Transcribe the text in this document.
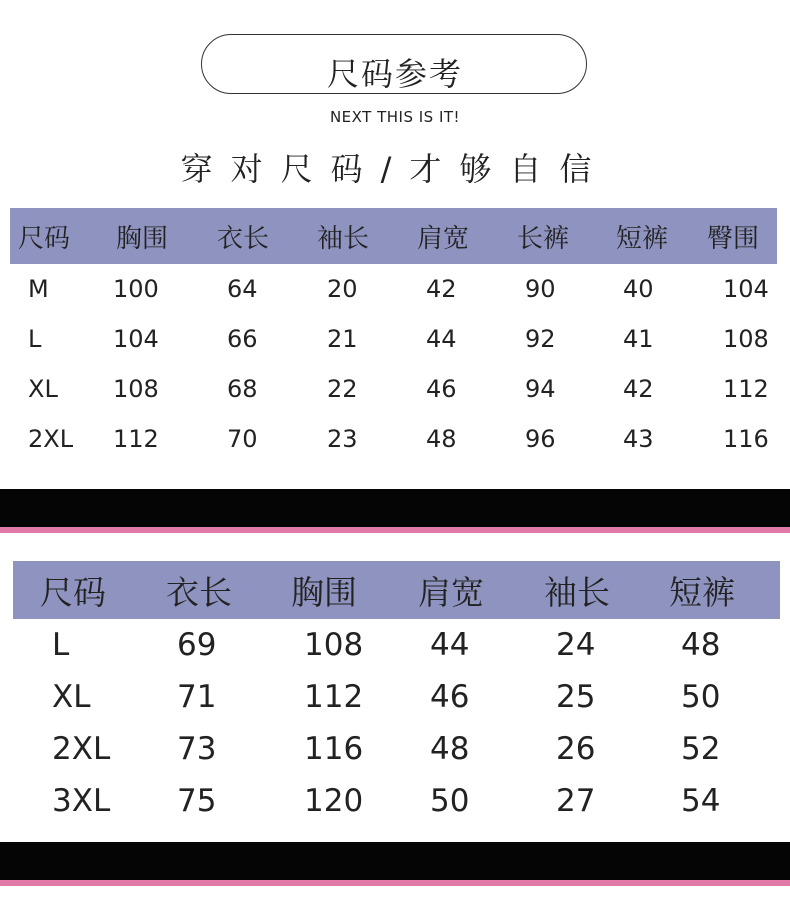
尺码参考
NEXT THIS IS IT!
穿对尺码/才够自信
尺码	胸围	衣长	袖长	肩宽	长裤	短裤	臀围
M	100	64	20	42	90	40	104
L	104	66	21	44	92	41	108
XL	108	68	22	46	94	42	112
2XL	112	70	23	48	96	43	116
尺码	衣长	胸围	肩宽	袖长	短裤
L	69	108	44	24	48
XL	71	112	46	25	50
2XL	73	116	48	26	52
3XL	75	120	50	27	54
